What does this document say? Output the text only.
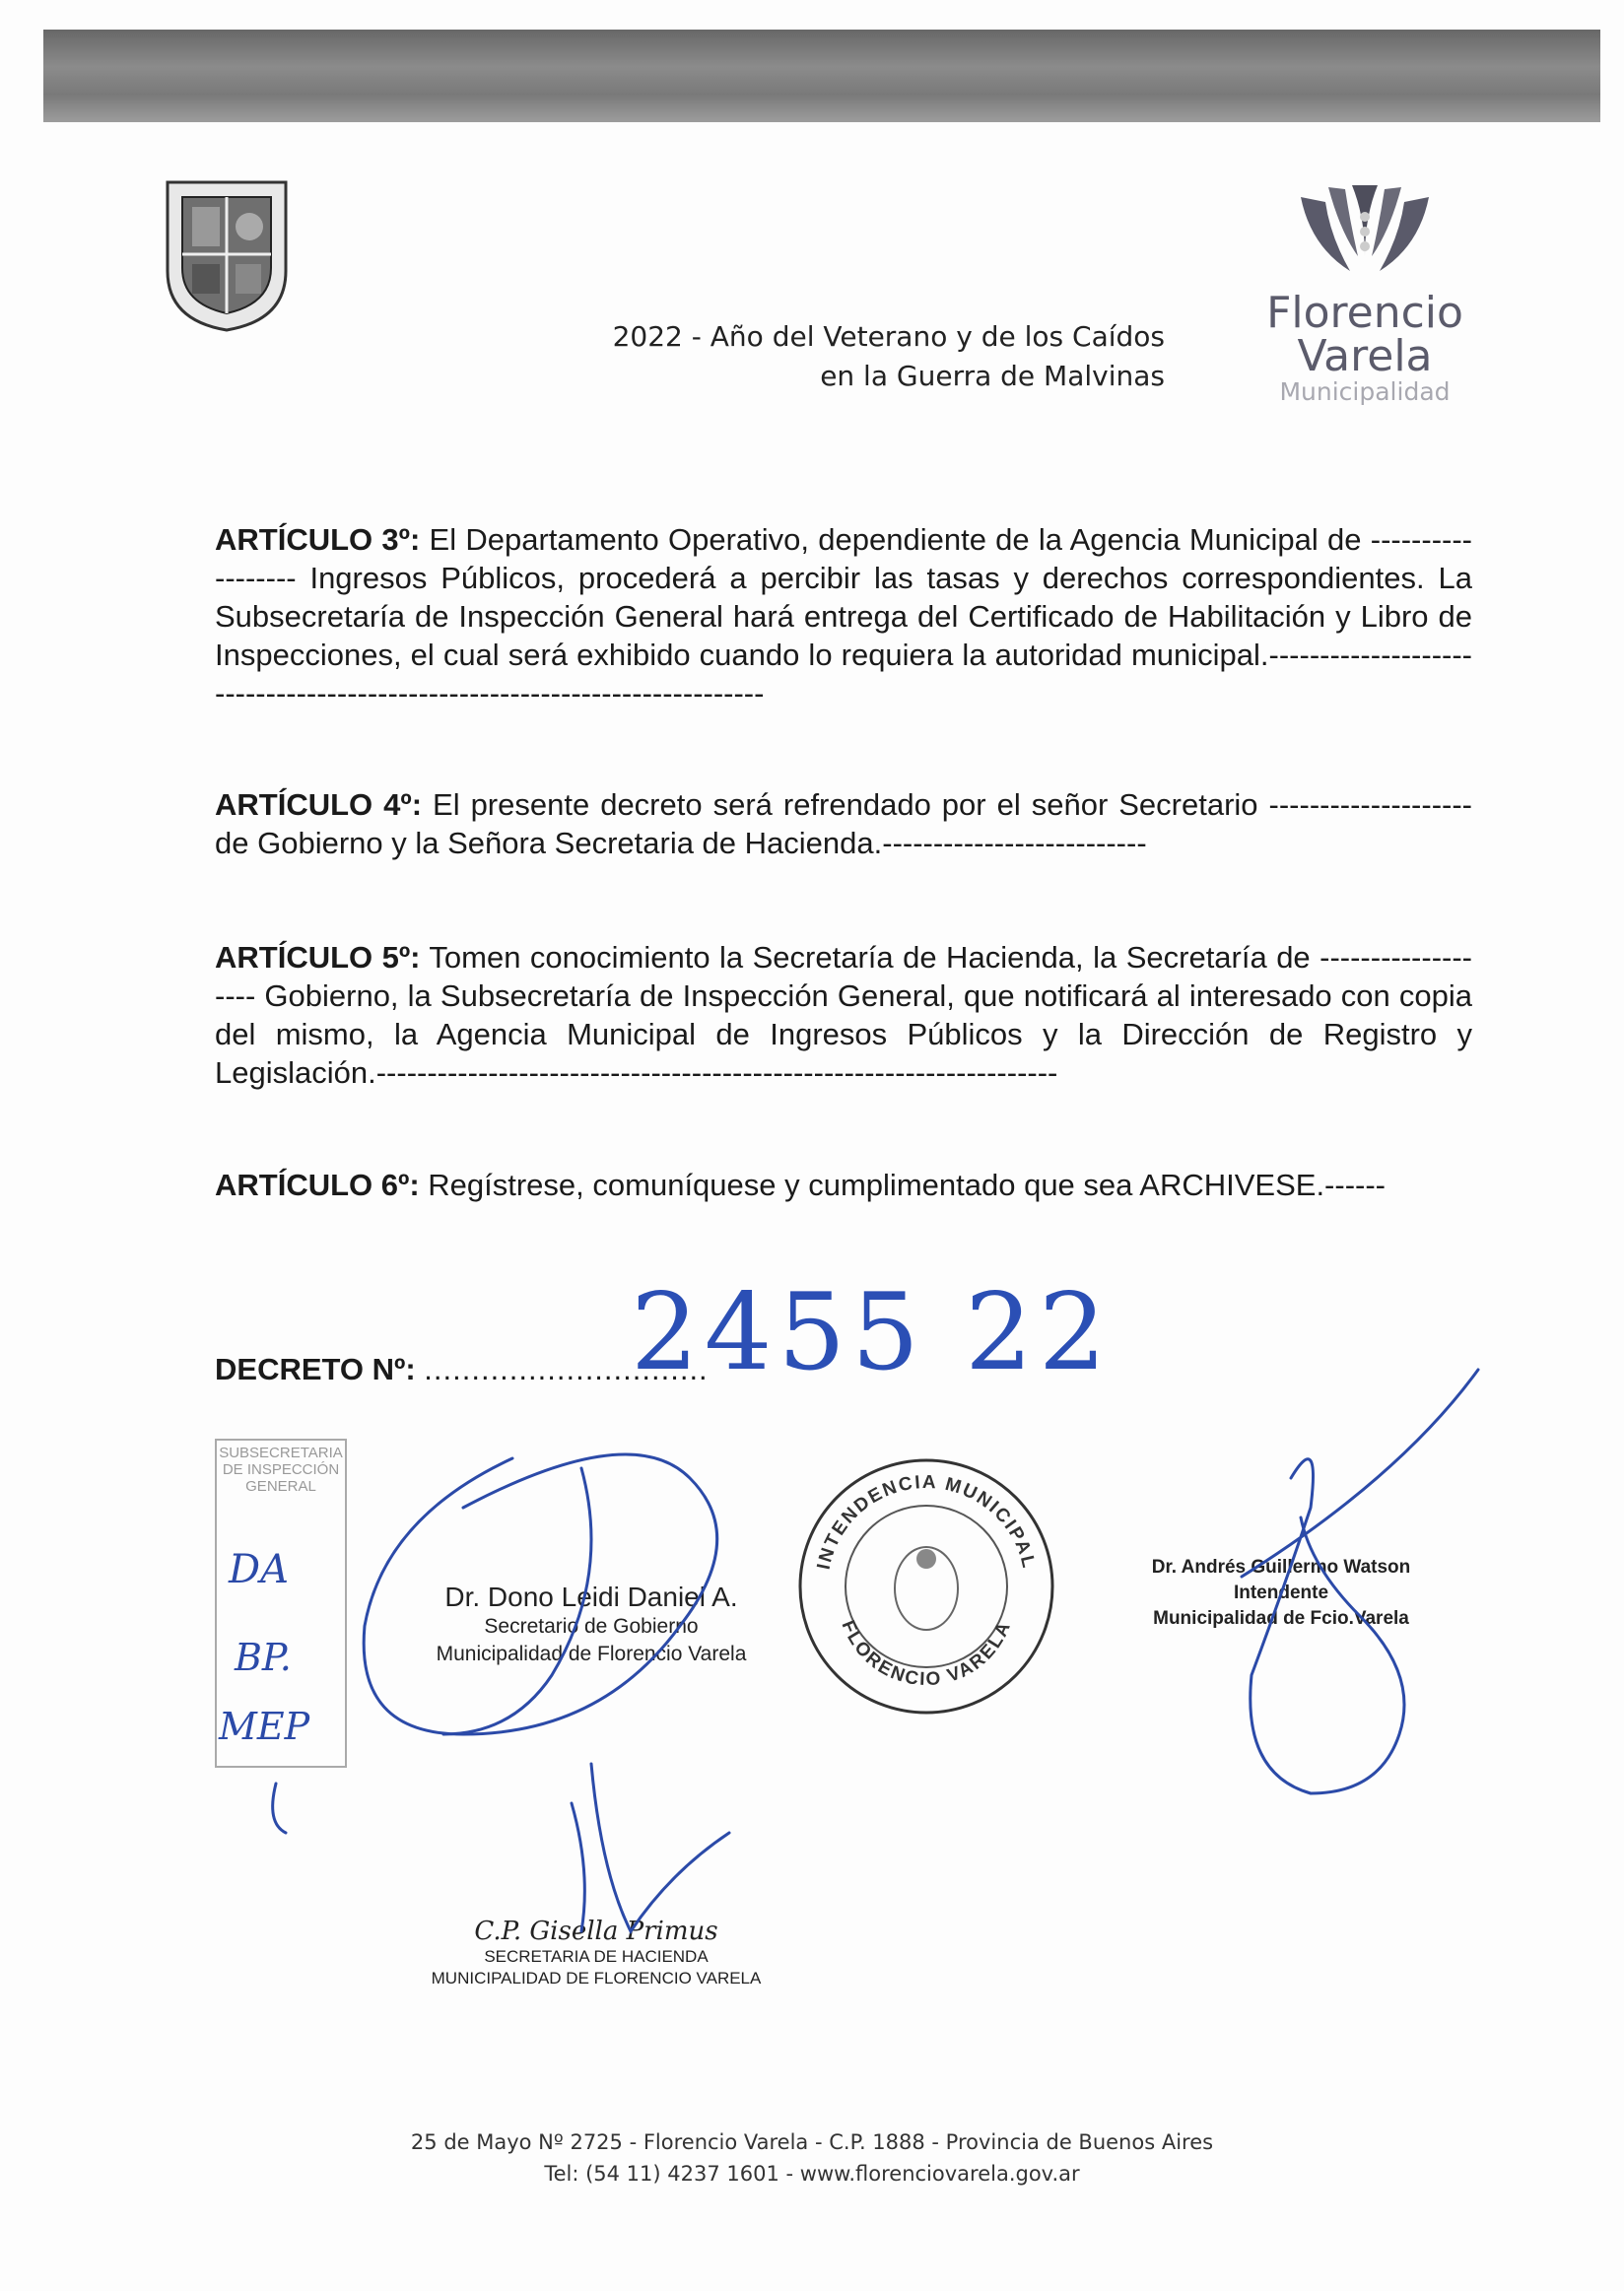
Florencio Varela
Municipalidad
2022 - Año del Veterano y de los Caídos
en la Guerra de Malvinas
ARTÍCULO 3º: El Departamento Operativo, dependiente de la Agencia Municipal de ------------------ Ingresos Públicos, procederá a percibir las tasas y derechos correspondientes. La Subsecretaría de Inspección General hará entrega del Certificado de Habilitación y Libro de Inspecciones, el cual será exhibido cuando lo requiera la autoridad municipal.--------------------------------------------------------------------------
ARTÍCULO 4º: El presente decreto será refrendado por el señor Secretario -------------------- de Gobierno y la Señora Secretaria de Hacienda.--------------------------
ARTÍCULO 5º: Tomen conocimiento la Secretaría de Hacienda, la Secretaría de ------------------- Gobierno, la Subsecretaría de Inspección General, que notificará al interesado con copia del mismo, la Agencia Municipal de Ingresos Públicos y la Dirección de Registro y Legislación.-------------------------------------------------------------------
ARTÍCULO 6º: Regístrese, comuníquese y cumplimentado que sea ARCHIVESE.------
DECRETO Nº: ..............................
2455 22
SUBSECRETARIA
DE INSPECCIÓN
GENERAL
DA
BP.
MEP
INTENDENCIA MUNICIPAL
FLORENCIO VARELA
Dr. Dono Leidi Daniel A.
Secretario de Gobierno
Municipalidad de Florencio Varela
Dr. Andrés Guillermo Watson
Intendente
Municipalidad de Fcio.Varela
C.P. Gisella Primus
SECRETARIA DE HACIENDA
MUNICIPALIDAD DE FLORENCIO VARELA
25 de Mayo Nº 2725 - Florencio Varela - C.P. 1888 - Provincia de Buenos Aires
Tel: (54 11) 4237 1601 - www.florenciovarela.gov.ar
